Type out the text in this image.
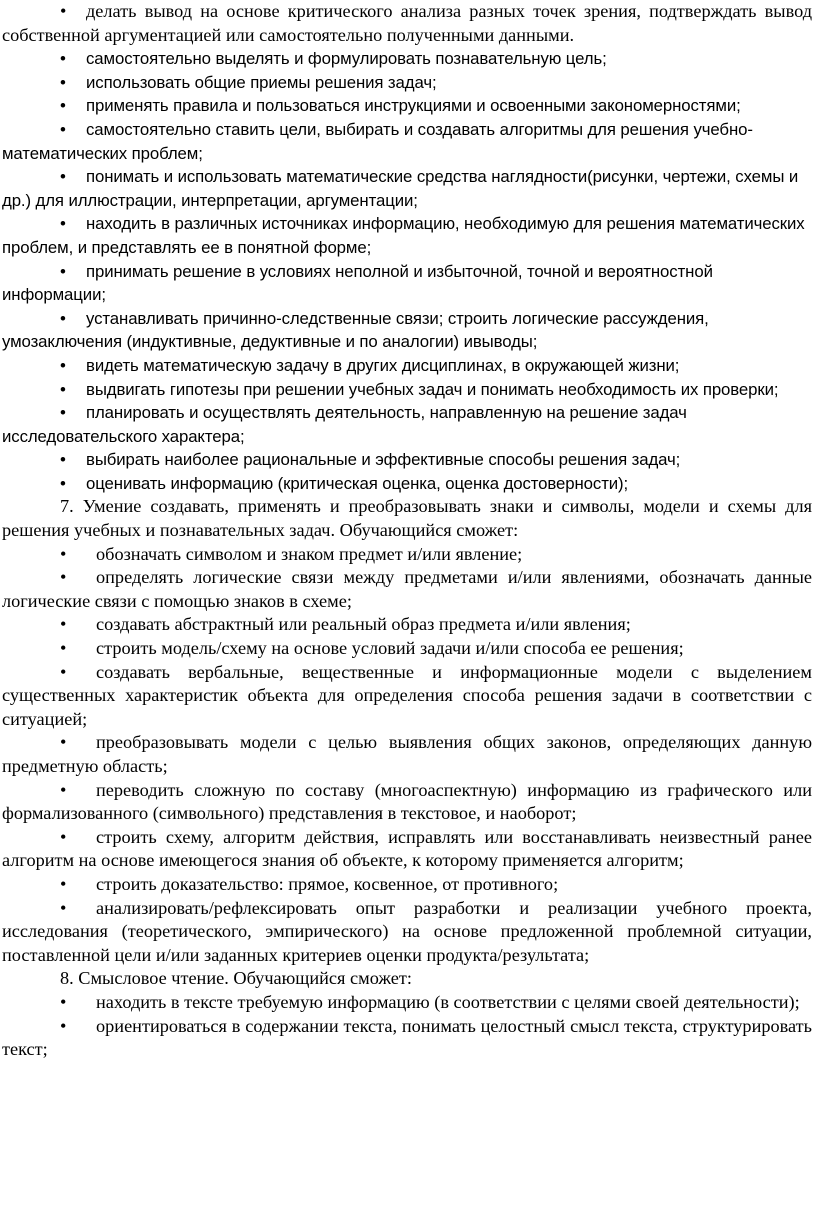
• делать вывод на основе критического анализа разных точек зрения, подтверждать вывод собственной аргументацией или самостоятельно полученными данными.

• самостоятельно выделять и формулировать познавательную цель;

• использовать общие приемы решения задач;

• применять правила и пользоваться инструкциями и освоенными закономерностями;

• самостоятельно ставить цели, выбирать и создавать алгоритмы для решения учебно-математических проблем;

• понимать и использовать математические средства наглядности(рисунки, чертежи, схемы и др.) для иллюстрации, интерпретации, аргументации;

• находить в различных источниках информацию, необходимую для решения математических проблем, и представлять ее в понятной форме;

• принимать решение в условиях неполной и избыточной, точной и вероятностной информации;

• устанавливать причинно-следственные связи; строить логические рассуждения, умозаключения (индуктивные, дедуктивные и по аналогии) ивыводы;

• видеть математическую задачу в других дисциплинах, в окружающей жизни;

• выдвигать гипотезы при решении учебных задач и понимать необходимость их проверки;

• планировать и осуществлять деятельность, направленную на решение задач исследовательского характера;

• выбирать наиболее рациональные и эффективные способы решения задач;

• оценивать информацию (критическая оценка, оценка достоверности);

7. Умение создавать, применять и преобразовывать знаки и символы, модели и схемы для решения учебных и познавательных задач. Обучающийся сможет:

• обозначать символом и знаком предмет и/или явление;

• определять логические связи между предметами и/или явлениями, обозначать данные логические связи с помощью знаков в схеме;

• создавать абстрактный или реальный образ предмета и/или явления;

• строить модель/схему на основе условий задачи и/или способа ее решения;

• создавать вербальные, вещественные и информационные модели с выделением существенных характеристик объекта для определения способа решения задачи в соответствии с ситуацией;

• преобразовывать модели с целью выявления общих законов, определяющих данную предметную область;

• переводить сложную по составу (многоаспектную) информацию из графического или формализованного (символьного) представления в текстовое, и наоборот;

• строить схему, алгоритм действия, исправлять или восстанавливать неизвестный ранее алгоритм на основе имеющегося знания об объекте, к которому применяется алгоритм;

• строить доказательство: прямое, косвенное, от противного;

• анализировать/рефлексировать опыт разработки и реализации учебного проекта, исследования (теоретического, эмпирического) на основе предложенной проблемной ситуации, поставленной цели и/или заданных критериев оценки продукта/результата;

8. Смысловое чтение. Обучающийся сможет:

• находить в тексте требуемую информацию (в соответствии с целями своей деятельности);

• ориентироваться в содержании текста, понимать целостный смысл текста, структурировать текст;
